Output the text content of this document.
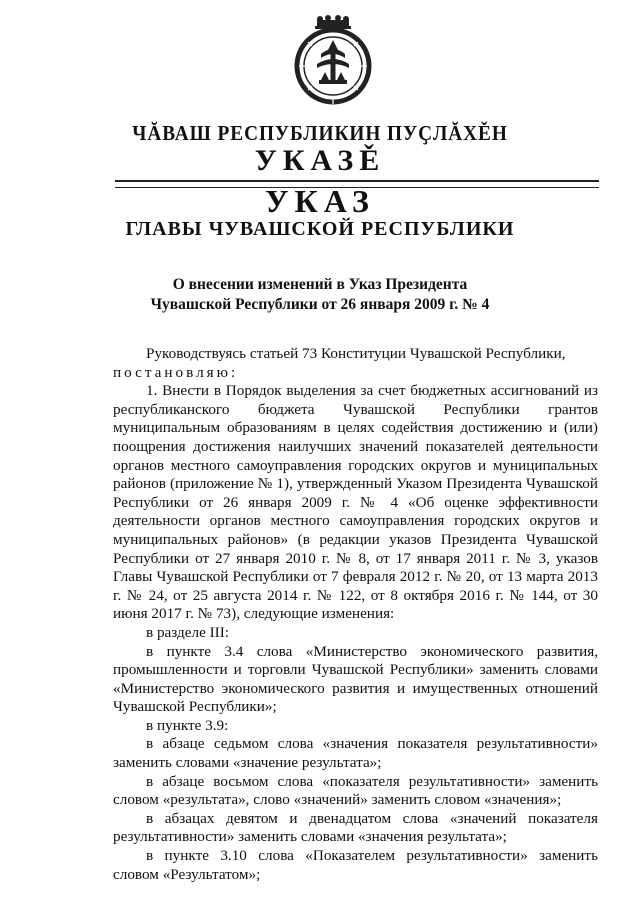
ЧĂВАШ РЕСПУБЛИКИН ПУҪЛĂХĚН
УКАЗĚ
УКАЗ
ГЛАВЫ ЧУВАШСКОЙ РЕСПУБЛИКИ
О внесении изменений в Указ Президента
Чувашской Республики от 26 января 2009 г. № 4

Руководствуясь статьей 73 Конституции Чувашской Республики,

постановляю:

1. Внести в Порядок выделения за счет бюджетных ассигнований из республиканского бюджета Чувашской Республики грантов муниципальным образованиям в целях содействия достижению и (или) поощрения достижения наилучших значений показателей деятельности органов местного самоуправления городских округов и муниципальных районов (приложение № 1), утвержденный Указом Президента Чувашской Республики от 26 января 2009 г. № 4 «Об оценке эффективности деятельности органов местного самоуправления городских округов и муниципальных районов» (в редакции указов Президента Чувашской Республики от 27 января 2010 г. № 8, от 17 января 2011 г. № 3, указов Главы Чувашской Республики от 7 февраля 2012 г. № 20, от 13 марта 2013 г. № 24, от 25 августа 2014 г. № 122, от 8 октября 2016 г. № 144, от 30 июня 2017 г. № 73), следующие изменения:

в разделе III:

в пункте 3.4 слова «Министерство экономического развития, промышленности и торговли Чувашской Республики» заменить словами «Министерство экономического развития и имущественных отношений Чувашской Республики»;

в пункте 3.9:

в абзаце седьмом слова «значения показателя результативности» заменить словами «значение результата»;

в абзаце восьмом слова «показателя результативности» заменить словом «результата», слово «значений» заменить словом «значения»;

в абзацах девятом и двенадцатом слова «значений показателя результативности» заменить словами «значения результата»;

в пункте 3.10 слова «Показателем результативности» заменить словом «Результатом»;
